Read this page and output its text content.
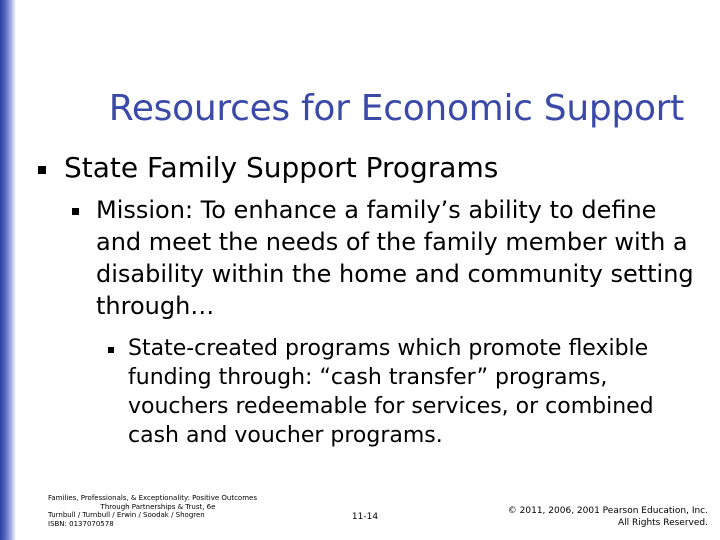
Resources for Economic Support
State Family Support Programs
Mission: To enhance a family’s ability to define and meet the needs of the family member with a disability within the home and community setting through…
State-created programs which promote flexible funding through: “cash transfer” programs, vouchers redeemable for services, or combined cash and voucher programs.
Families, Professionals, & Exceptionality: Positive Outcomes

Through Partnerships & Trust, 6e
Turnbull / Turnbull / Erwin / Soodak / Shogren
ISBN: 0137070578
11-14
© 2011, 2006, 2001 Pearson Education, Inc.
All Rights Reserved.
